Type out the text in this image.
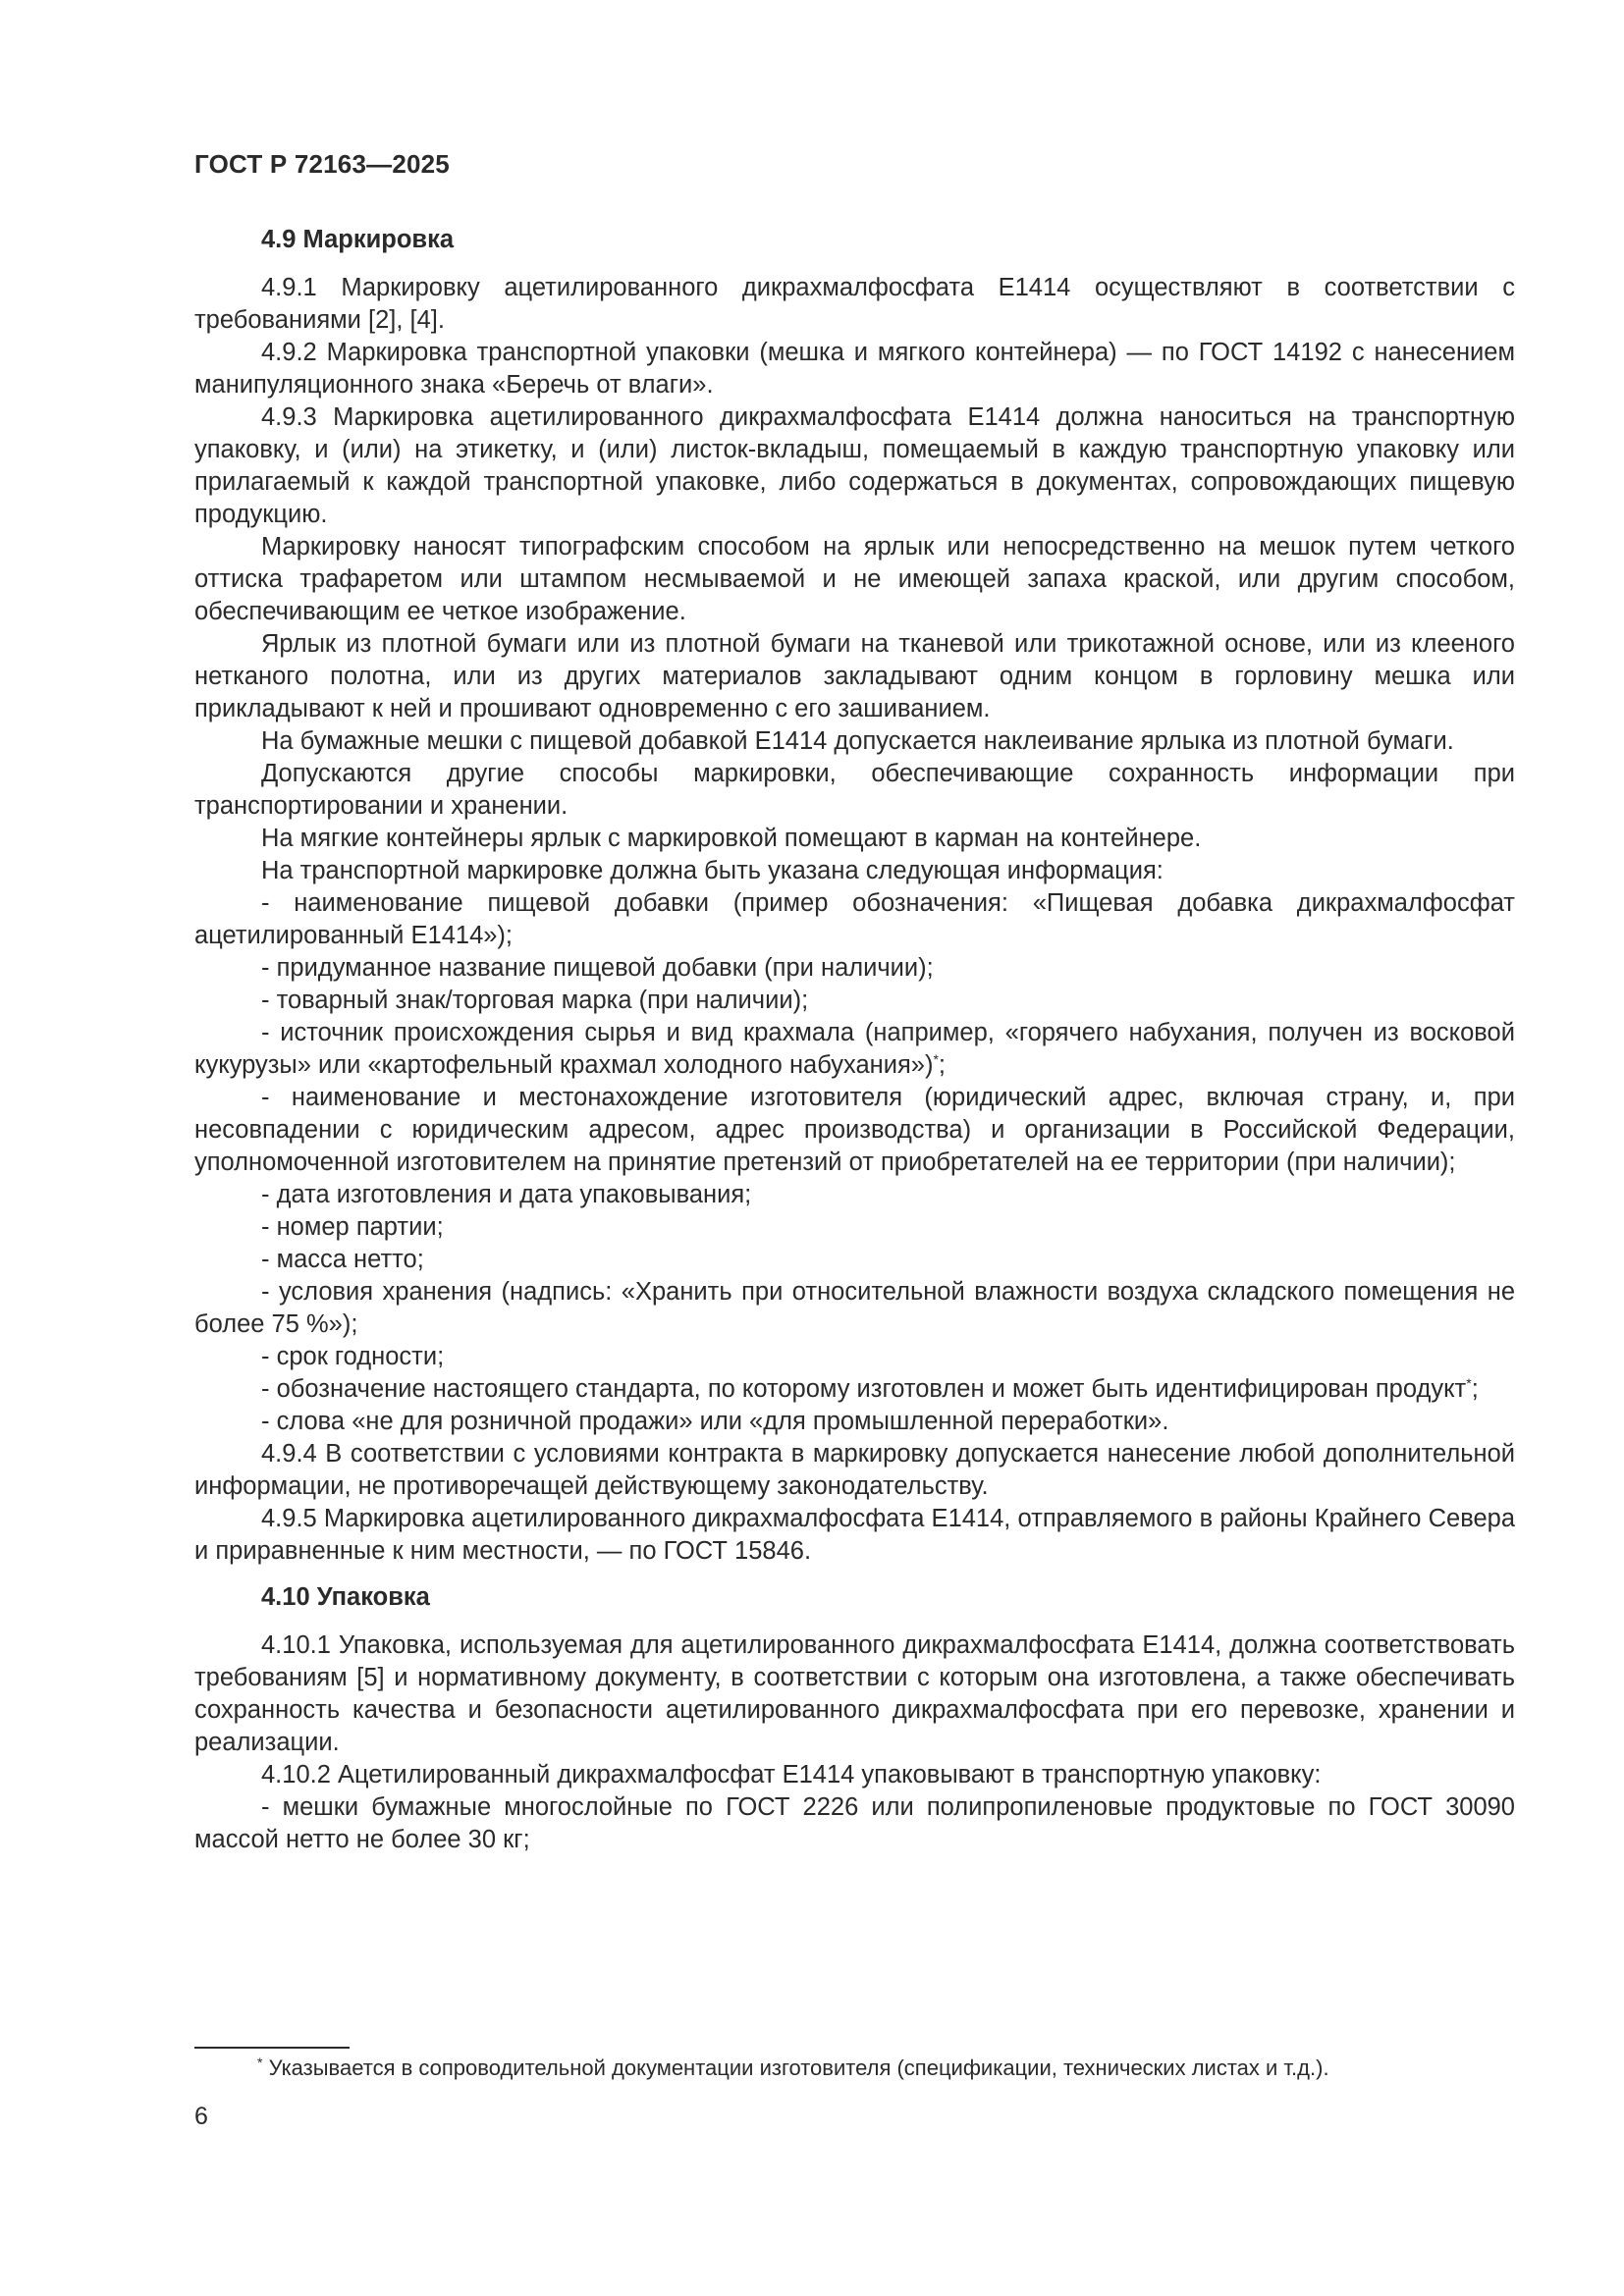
ГОСТ Р 72163—2025
4.9 Маркировка

4.9.1 Маркировку ацетилированного дикрахмалфосфата E1414 осуществляют в соответствии с требованиями [2], [4].

4.9.2 Маркировка транспортной упаковки (мешка и мягкого контейнера) — по ГОСТ 14192 с нанесением манипуляционного знака «Беречь от влаги».

4.9.3 Маркировка ацетилированного дикрахмалфосфата E1414 должна наноситься на транспортную упаковку, и (или) на этикетку, и (или) листок-вкладыш, помещаемый в каждую транспортную упаковку или прилагаемый к каждой транспортной упаковке, либо содержаться в документах, сопровождающих пищевую продукцию.

Маркировку наносят типографским способом на ярлык или непосредственно на мешок путем четкого оттиска трафаретом или штампом несмываемой и не имеющей запаха краской, или другим способом, обеспечивающим ее четкое изображение.

Ярлык из плотной бумаги или из плотной бумаги на тканевой или трикотажной основе, или из клееного нетканого полотна, или из других материалов закладывают одним концом в горловину мешка или прикладывают к ней и прошивают одновременно с его зашиванием.

На бумажные мешки с пищевой добавкой E1414 допускается наклеивание ярлыка из плотной бумаги.

Допускаются другие способы маркировки, обеспечивающие сохранность информации при транспортировании и хранении.

На мягкие контейнеры ярлык с маркировкой помещают в карман на контейнере.

На транспортной маркировке должна быть указана следующая информация:

- наименование пищевой добавки (пример обозначения: «Пищевая добавка дикрахмалфосфат ацетилированный E1414»);

- придуманное название пищевой добавки (при наличии);

- товарный знак/торговая марка (при наличии);

- источник происхождения сырья и вид крахмала (например, «горячего набухания, получен из восковой кукурузы» или «картофельный крахмал холодного набухания»)*;

- наименование и местонахождение изготовителя (юридический адрес, включая страну, и, при несовпадении с юридическим адресом, адрес производства) и организации в Российской Федерации, уполномоченной изготовителем на принятие претензий от приобретателей на ее территории (при наличии);

- дата изготовления и дата упаковывания;

- номер партии;

- масса нетто;

- условия хранения (надпись: «Хранить при относительной влажности воздуха складского помещения не более 75 %»);

- срок годности;

- обозначение настоящего стандарта, по которому изготовлен и может быть идентифицирован продукт*;

- слова «не для розничной продажи» или «для промышленной переработки».

4.9.4 В соответствии с условиями контракта в маркировку допускается нанесение любой дополнительной информации, не противоречащей действующему законодательству.

4.9.5 Маркировка ацетилированного дикрахмалфосфата E1414, отправляемого в районы Крайнего Севера и приравненные к ним местности, — по ГОСТ 15846.

4.10 Упаковка

4.10.1 Упаковка, используемая для ацетилированного дикрахмалфосфата E1414, должна соответствовать требованиям [5] и нормативному документу, в соответствии с которым она изготовлена, а также обеспечивать сохранность качества и безопасности ацетилированного дикрахмалфосфата при его перевозке, хранении и реализации.

4.10.2 Ацетилированный дикрахмалфосфат E1414 упаковывают в транспортную упаковку:

- мешки бумажные многослойные по ГОСТ 2226 или полипропиленовые продуктовые по ГОСТ 30090 массой нетто не более 30 кг;

* Указывается в сопроводительной документации изготовителя (спецификации, технических листах и т.д.).
6
